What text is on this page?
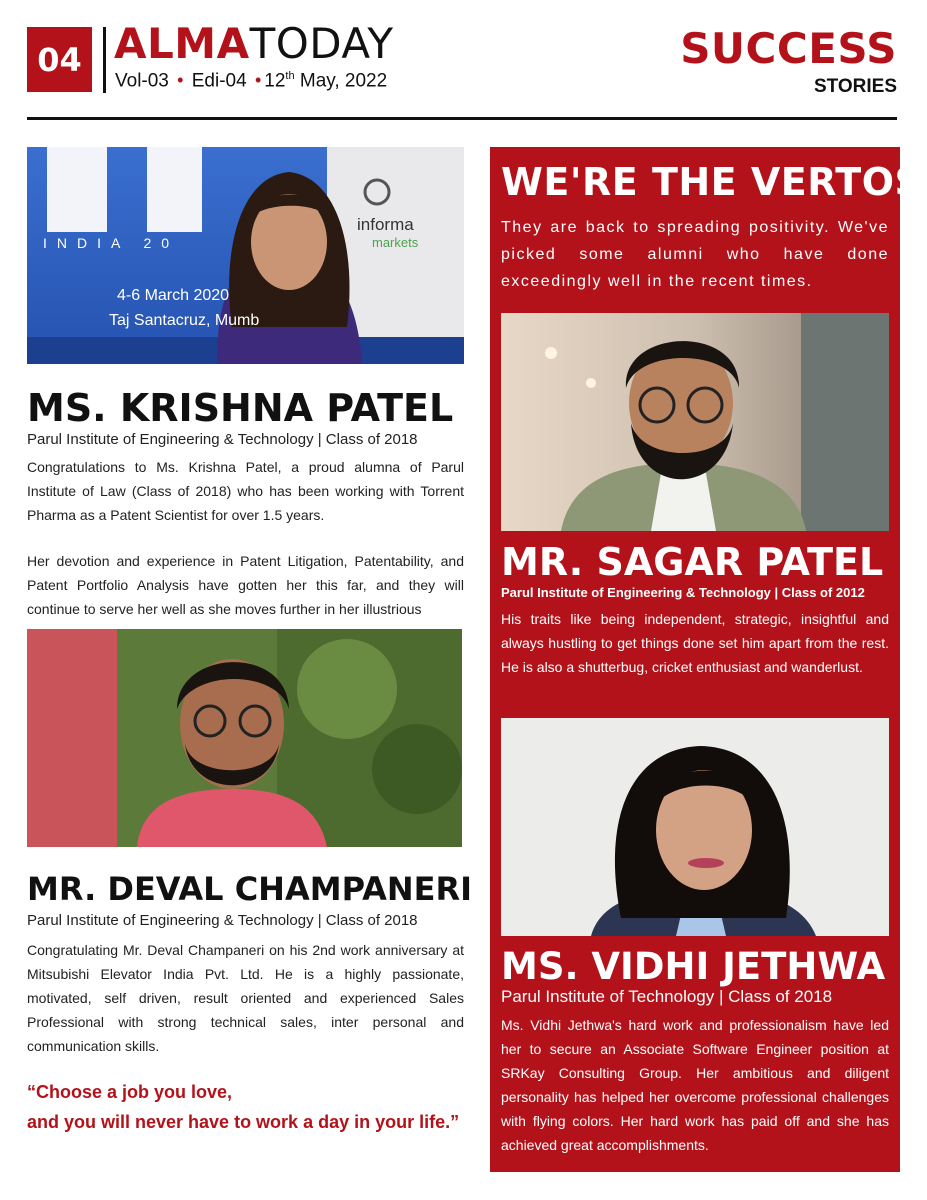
04 ALMATODAY
Vol-03 • Edi-04 • 12th May, 2022
SUCCESS
STORIES
INDIA 20
4-6 March 2020
Taj Santacruz, Mumb
informa
markets
MS. KRISHNA PATEL
Parul Institute of Engineering & Technology | Class of 2018
Congratulations to Ms. Krishna Patel, a proud alumna of Parul Institute of Law (Class of 2018) who has been working with Torrent Pharma as a Patent Scientist for over 1.5 years.
Her devotion and experience in Patent Litigation, Patentability, and Patent Portfolio Analysis have gotten her this far, and they will continue to serve her well as she moves further in her illustrious
MR. DEVAL CHAMPANERI
Parul Institute of Engineering & Technology | Class of 2018
Congratulating Mr. Deval Champaneri on his 2nd work anniversary at Mitsubishi Elevator India Pvt. Ltd. He is a highly passionate, motivated, self driven, result oriented and experienced Sales Professional with strong technical sales, inter personal and communication skills.
“Choose a job you love,
and you will never have to work a day in your life.”
WE'RE THE VERTOS
They are back to spreading positivity. We've picked some alumni who have done exceedingly well in the recent times.
MR. SAGAR PATEL
Parul Institute of Engineering & Technology | Class of 2012
His traits like being independent, strategic, insightful and always hustling to get things done set him apart from the rest. He is also a shutterbug, cricket enthusiast and wanderlust.
MS. VIDHI JETHWA
Parul Institute of Technology | Class of 2018
Ms. Vidhi Jethwa's hard work and professionalism have led her to secure an Associate Software Engineer position at SRKay Consulting Group. Her ambitious and diligent personality has helped her overcome professional challenges with flying colors. Her hard work has paid off and she has achieved great accomplishments.
